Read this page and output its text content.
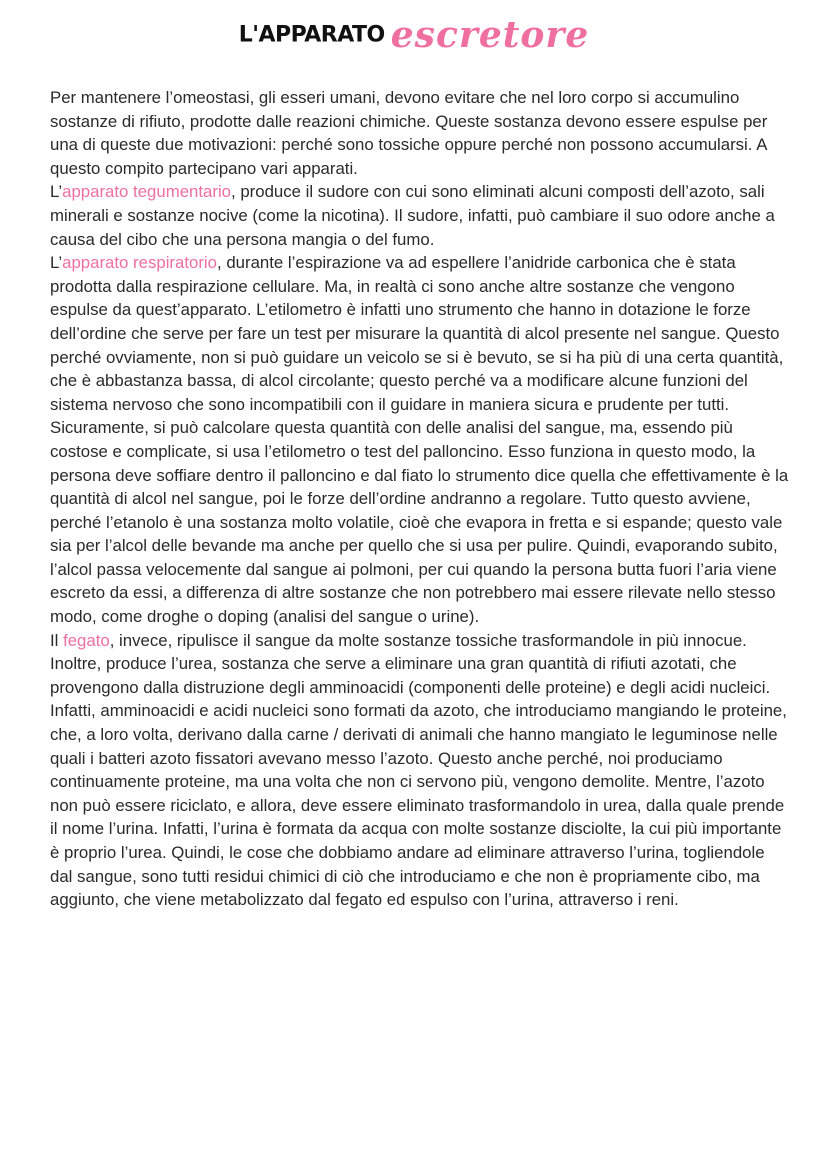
L'APPARATO escretore

Per mantenere l’omeostasi, gli esseri umani, devono evitare che nel loro corpo si accumulino sostanze di rifiuto, prodotte dalle reazioni chimiche. Queste sostanza devono essere espulse per una di queste due motivazioni: perché sono tossiche oppure perché non possono accumularsi. A questo compito partecipano vari apparati.

L’apparato tegumentario, produce il sudore con cui sono eliminati alcuni composti dell’azoto, sali minerali e sostanze nocive (come la nicotina). Il sudore, infatti, può cambiare il suo odore anche a causa del cibo che una persona mangia o del fumo.

L’apparato respiratorio, durante l’espirazione va ad espellere l’anidride carbonica che è stata prodotta dalla respirazione cellulare. Ma, in realtà ci sono anche altre sostanze che vengono espulse da quest’apparato. L’etilometro è infatti uno strumento che hanno in dotazione le forze dell’ordine che serve per fare un test per misurare la quantità di alcol presente nel sangue. Questo perché ovviamente, non si può guidare un veicolo se si è bevuto, se si ha più di una certa quantità, che è abbastanza bassa, di alcol circolante; questo perché va a modificare alcune funzioni del sistema nervoso che sono incompatibili con il guidare in maniera sicura e prudente per tutti. Sicuramente, si può calcolare questa quantità con delle analisi del sangue, ma, essendo più costose e complicate, si usa l’etilometro o test del palloncino. Esso funziona in questo modo, la persona deve soffiare dentro il palloncino e dal fiato lo strumento dice quella che effettivamente è la quantità di alcol nel sangue, poi le forze dell’ordine andranno a regolare. Tutto questo avviene, perché l’etanolo è una sostanza molto volatile, cioè che evapora in fretta e si espande; questo vale sia per l’alcol delle bevande ma anche per quello che si usa per pulire. Quindi, evaporando subito, l’alcol passa velocemente dal sangue ai polmoni, per cui quando la persona butta fuori l’aria viene escreto da essi, a differenza di altre sostanze che non potrebbero mai essere rilevate nello stesso modo, come droghe o doping (analisi del sangue o urine).

Il fegato, invece, ripulisce il sangue da molte sostanze tossiche trasformandole in più innocue. Inoltre, produce l’urea, sostanza che serve a eliminare una gran quantità di rifiuti azotati, che provengono dalla distruzione degli amminoacidi (componenti delle proteine) e degli acidi nucleici. Infatti, amminoacidi e acidi nucleici sono formati da azoto, che introduciamo mangiando le proteine, che, a loro volta, derivano dalla carne / derivati di animali che hanno mangiato le leguminose nelle quali i batteri azoto fissatori avevano messo l’azoto. Questo anche perché, noi produciamo continuamente proteine, ma una volta che non ci servono più, vengono demolite. Mentre, l’azoto non può essere riciclato, e allora, deve essere eliminato trasformandolo in urea, dalla quale prende il nome l’urina. Infatti, l’urina è formata da acqua con molte sostanze disciolte, la cui più importante è proprio l’urea. Quindi, le cose che dobbiamo andare ad eliminare attraverso l’urina, togliendole dal sangue, sono tutti residui chimici di ciò che introduciamo e che non è propriamente cibo, ma aggiunto, che viene metabolizzato dal fegato ed espulso con l’urina, attraverso i reni.
